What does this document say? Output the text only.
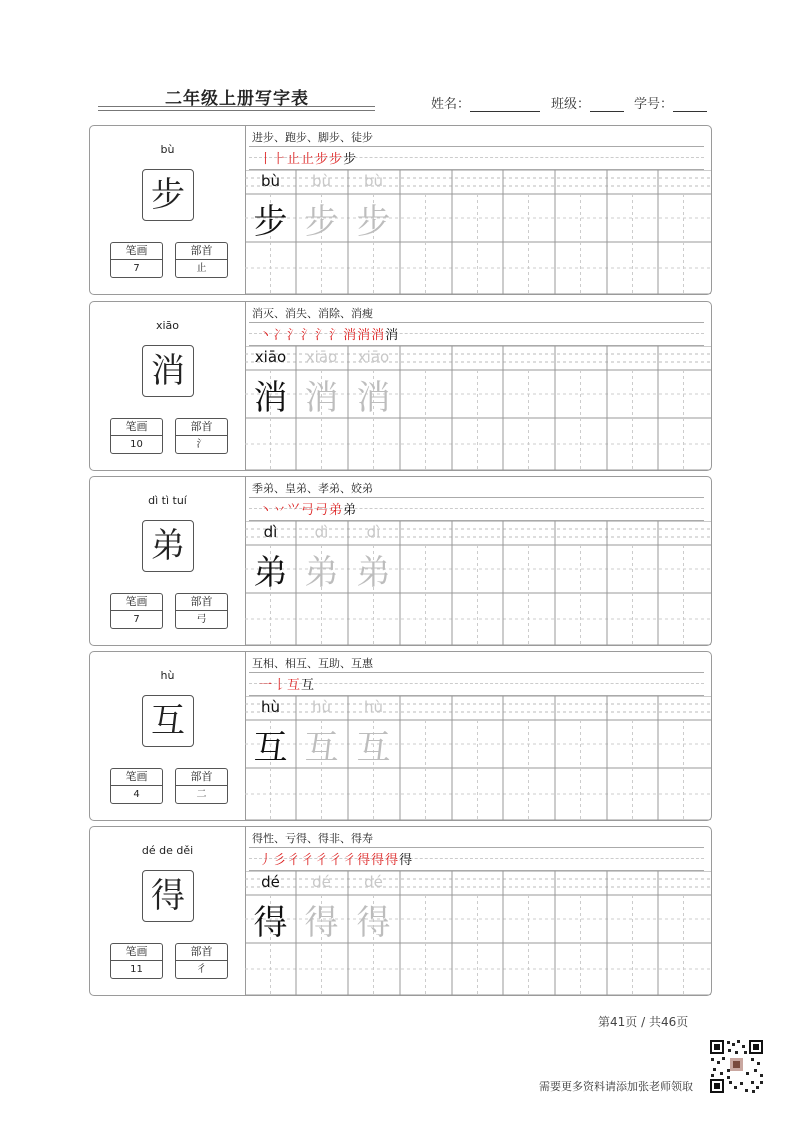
二年级上册写字表	姓名：	班级：	学号：
bù
步
笔画
7
部首
止
进步、跑步、脚步、徒步
丨⺊止止步步步
bù
步
bù
步
bù
步
xiāo
消
笔画
10
部首
氵
消灭、消失、消除、消瘦
丶冫氵氵氵氵消消消消
xiāo
消
xiāo
消
xiāo
消
dì tì tuí
弟
笔画
7
部首
弓
季弟、皇弟、孝弟、姣弟
丶丷⺍弓弓弟弟
dì
弟
dì
弟
dì
弟
hù
互
笔画
4
部首
二
互相、相互、互助、互惠
一𠄌互互
hù
互
hù
互
hù
互
dé de děi
得
笔画
11
部首
彳
得性、亏得、得非、得寿
丿彡彳彳彳彳彳得得得得
dé
得
dé
得
dé
得
第41页 / 共46页
需要更多资料请添加张老师领取
